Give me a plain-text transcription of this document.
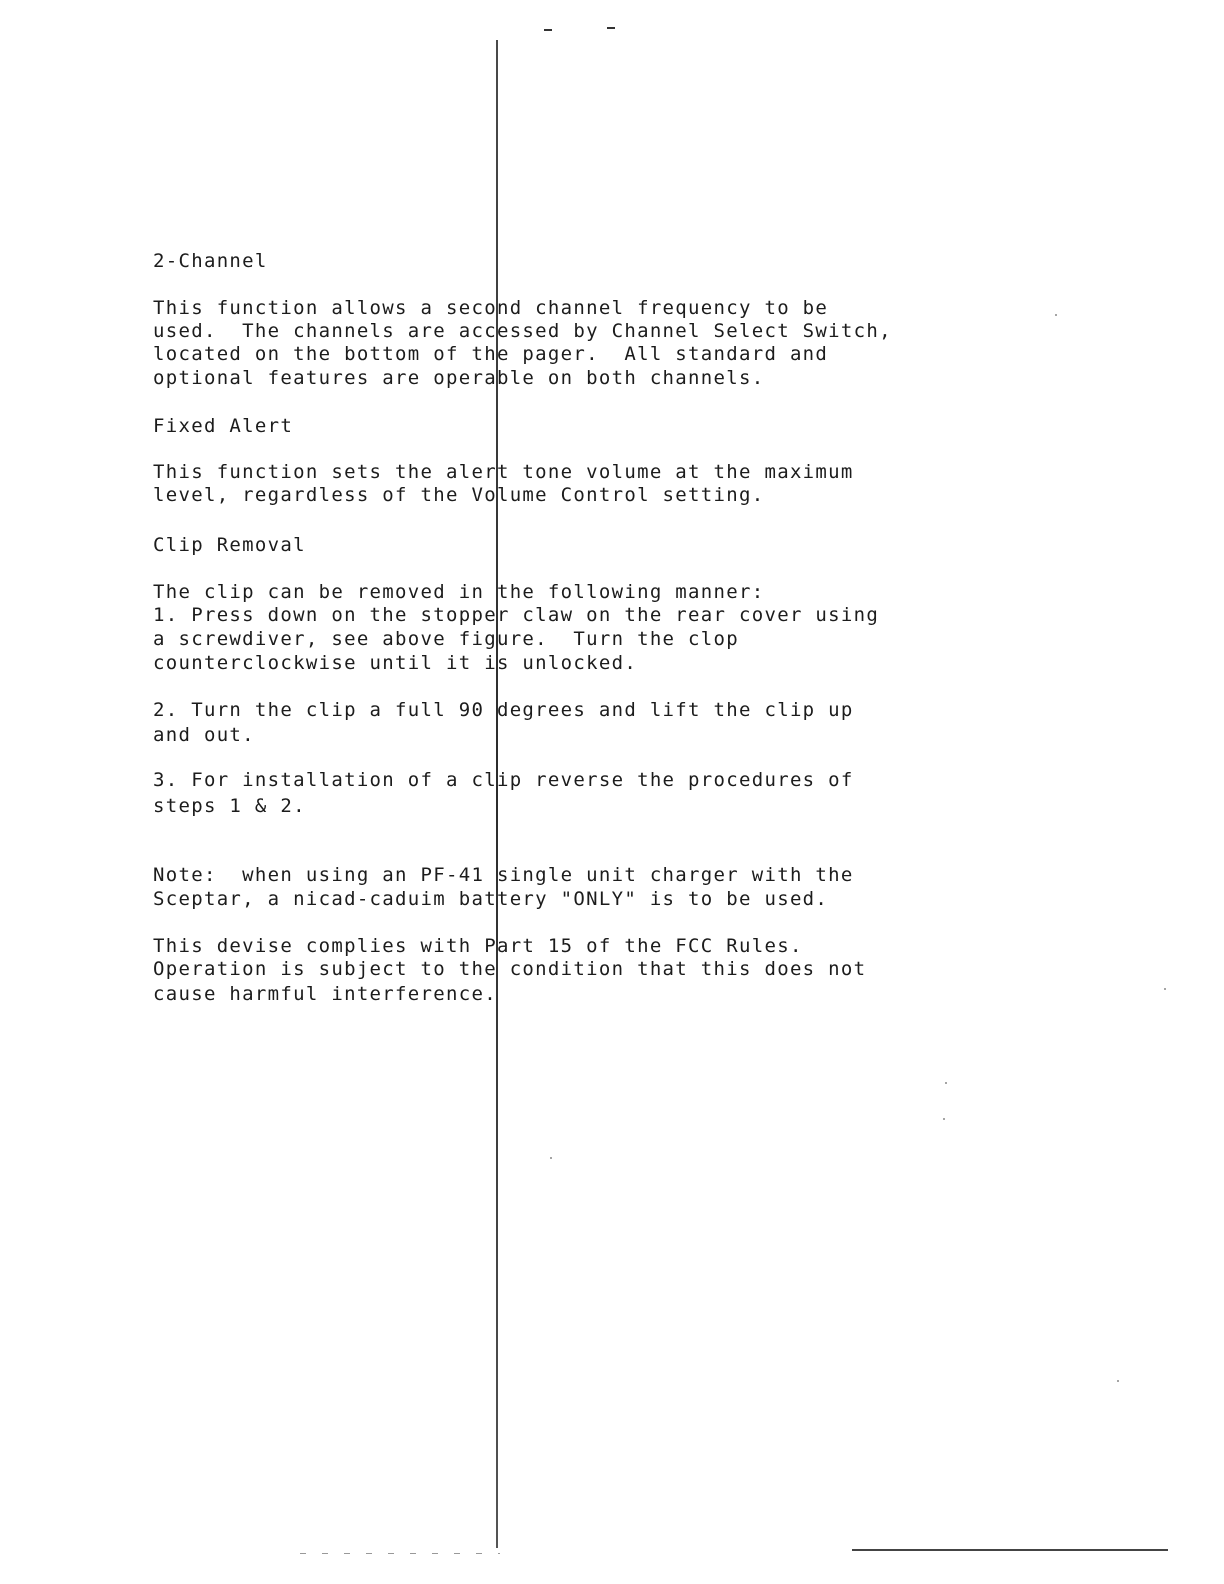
2-Channel
This function allows a second channel frequency to be
used.  The channels are accessed by Channel Select Switch,
located on the bottom of the pager.  All standard and
optional features are operable on both channels.
Fixed Alert
This function sets the alert tone volume at the maximum
level, regardless of the Volume Control setting.
Clip Removal
The clip can be removed in the following manner:
1. Press down on the stopper claw on the rear cover using
a screwdiver, see above figure.  Turn the clop
counterclockwise until it is unlocked.
2. Turn the clip a full 90 degrees and lift the clip up
and out.
3. For installation of a clip reverse the procedures of
steps 1 & 2.
Note:  when using an PF-41 single unit charger with the
Sceptar, a nicad-caduim battery "ONLY" is to be used.
This devise complies with Part 15 of the FCC Rules.
Operation is subject to the condition that this does not
cause harmful interference.
